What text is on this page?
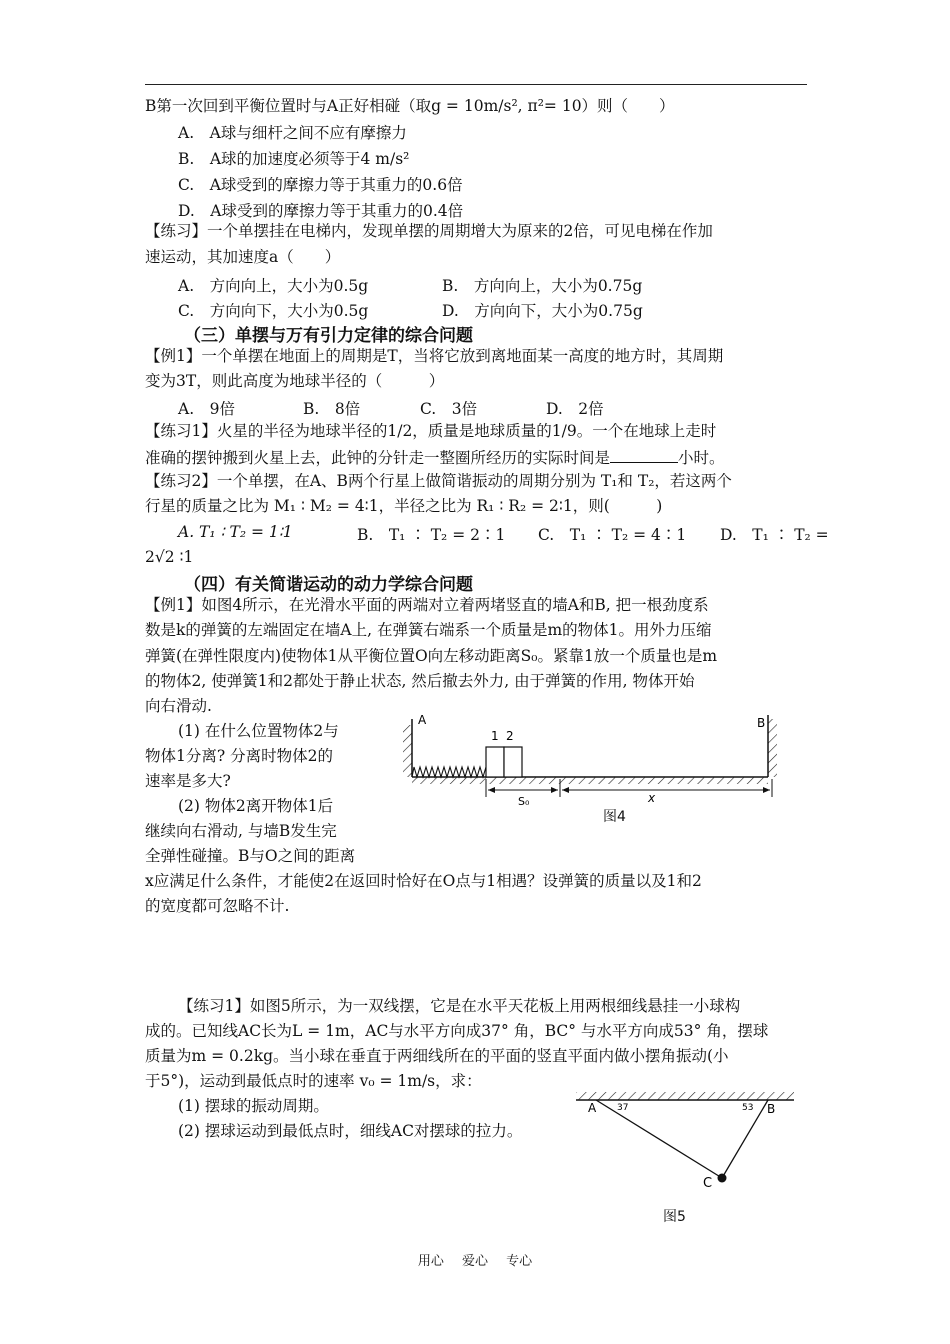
B第一次回到平衡位置时与A正好相碰（取g = 10m/s², π²= 10）则（　　）
A.　A球与细杆之间不应有摩擦力
B.　A球的加速度必须等于4 m/s²
C.　A球受到的摩擦力等于其重力的0.6倍
D.　A球受到的摩擦力等于其重力的0.4倍
【练习】一个单摆挂在电梯内，发现单摆的周期增大为原来的2倍，可见电梯在作加
速运动，其加速度a（　　）
A.　方向向上，大小为0.5g	B.　方向向上，大小为0.75g
C.　方向向下，大小为0.5g	D.　方向向下，大小为0.75g
（三）单摆与万有引力定律的综合问题
【例1】一个单摆在地面上的周期是T，当将它放到离地面某一高度的地方时，其周期
变为3T，则此高度为地球半径的（　　　）
A.　9倍	B.　8倍	C.　3倍	D.　2倍
【练习1】火星的半径为地球半径的1/2，质量是地球质量的1/9。一个在地球上走时
准确的摆钟搬到火星上去，此钟的分针走一整圈所经历的实际时间是	小时。
【练习2】一个单摆，在A、B两个行星上做简谐振动的周期分别为 T₁和 T₂，若这两个
行星的质量之比为 M₁ ∶ M₂ = 4∶1，半径之比为 R₁ ∶ R₂ = 2∶1，则(　　　)
A. T₁ ∶ T₂ = 1∶1	B.　T₁ ∶ T₂ = 2∶1 C.　T₁ ∶ T₂ = 4∶1 D.　T₁ ∶ T₂ =
2√2 ∶1
（四）有关简谐运动的动力学综合问题
【例1】如图4所示，在光滑水平面的两端对立着两堵竖直的墙A和B, 把一根劲度系
数是k的弹簧的左端固定在墙A上, 在弹簧右端系一个质量是m的物体1。用外力压缩
弹簧(在弹性限度内)使物体1从平衡位置O向左移动距离S₀。紧靠1放一个质量也是m
的物体2, 使弹簧1和2都处于静止状态, 然后撤去外力, 由于弹簧的作用, 物体开始
向右滑动.
(1) 在什么位置物体2与
物体1分离? 分离时物体2的
速率是多大?
(2) 物体2离开物体1后
继续向右滑动, 与墙B发生完
全弹性碰撞。B与O之间的距离
x应满足什么条件，才能使2在返回时恰好在O点与1相遇？设弹簧的质量以及1和2
的宽度都可忽略不计.
A	B
1 2
S₀	x
图4
【练习1】如图5所示，为一双线摆，它是在水平天花板上用两根细线悬挂一小球构
成的。已知线AC长为L = 1m，AC与水平方向成37° 角，BC° 与水平方向成53° 角，摆球
质量为m = 0.2kg。当小球在垂直于两细线所在的平面的竖直平面内做小摆角振动(小
于5°)，运动到最低点时的速率 v₀ = 1m/s，求：
(1) 摆球的振动周期。
(2) 摆球运动到最低点时，细线AC对摆球的拉力。
A 37	53 B
C
图5
用心 爱心 专心
